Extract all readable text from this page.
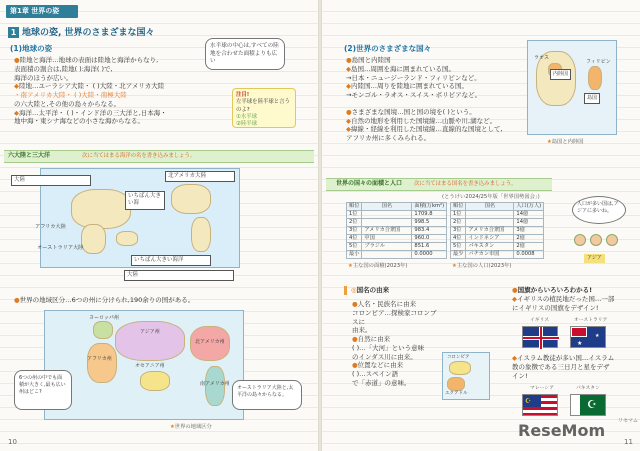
第1章 世界の姿
1 地球の姿, 世界のさまざまな国々
(1)地球の姿
●陸地と海洋…地球の表面は陸地と海洋からなり,
表面積の割合は,陸地( ):海洋( )で,
海洋のほうが広い。
◆陸地…ユーラシア大陸・ ( )大陸・北アメリカ大陸
・南アメリカ大陸・ ( )大陸・南極大陸
の六大陸と,その他の島々からなる。
◆海洋…太平洋・ ( )・インド洋の三大洋と,日本海・
地中海・東シナ海などの小さな海からなる。
水半球の中心は,すべての陸地を合わせた面積よりも広い
注目!
左半球を陸半球と言うのよ?
①水半球
②陸半球
六大陸と三大洋	次に当てはまる海洋の名を書き込みましょう。
大陸
北アメリカ大陸
アフリカ大陸
オーストラリア大陸
いちばん大きい海洋
いちばん大きい海
大陸
●世界の地域区分…6つの州に分けられ,190余りの国がある。
ヨーロッパ州
アジア州
アフリカ州
北アメリカ州
南アメリカ州
オセアニア州
6つの州の中でも面積が大きく,最も広い州はどこ?
オーストラリア大陸と,太平洋の島々からなる。
★世界の地域区分
10
(2)世界のさまざまな国々
●島国と内陸国
◆島国…周囲を海に囲まれている国。
→日本・ニュージーランド・フィリピンなど。
◆内陸国…周りを陸地に囲まれている国。
→モンゴル・ラオス・スイス・ボリビアなど。
●さまざまな国境…国と国の境を( )という。
◆自然の地形を利用した国境線…山脈や川,湖など。
◆緯線・経線を利用した国境線…直線的な国境として,
アフリカ州に多くみられる。
ラオス
内陸国
フィリピン
島国
★島国と内陸国
世界の国々の面積と人口 次に当てはまる国名を書き込みましょう。
(とうけい2024/25年版「世界国勢図会」)
順位	国名	面積(万km²)
1位		1709.8
2位		998.5
3位	アメリカ合衆国	983.4
4位	中国	960.0
5位	ブラジル	851.6
最小		0.0000
順位	国名	人口(万人)
1位		14億
2位		14億
3位	アメリカ合衆国	3億
4位	インドネシア	2億
5位	パキスタン	2億
最少	バチカン市国	0.0008
★主な国の面積(2023年)	★主な国の人口(2023年)
人口が多い国は,アジアに多いね。
アジア
◎国名の由来
●人名・民族名に由来
コロンビア…探検家コロンブスに
由来。
●自然に由来
( )…「大河」という意味
のインダス川に由来。
●位置などに由来
( )…スペイン語
で「赤道」の意味。
コロンビア
エクアドル
●国旗からいろいろわかる!
◆イギリスの植民地だった国…一部
にイギリスの国旗をデザイン!
イギリス	オーストラリア
★
★
◆イスラム教徒が多い国…イスラム
教の象徴である三日月と星をデザ
イン!
マレーシア	パキスタン
☪	☪
11
ReseMom	リセマム
